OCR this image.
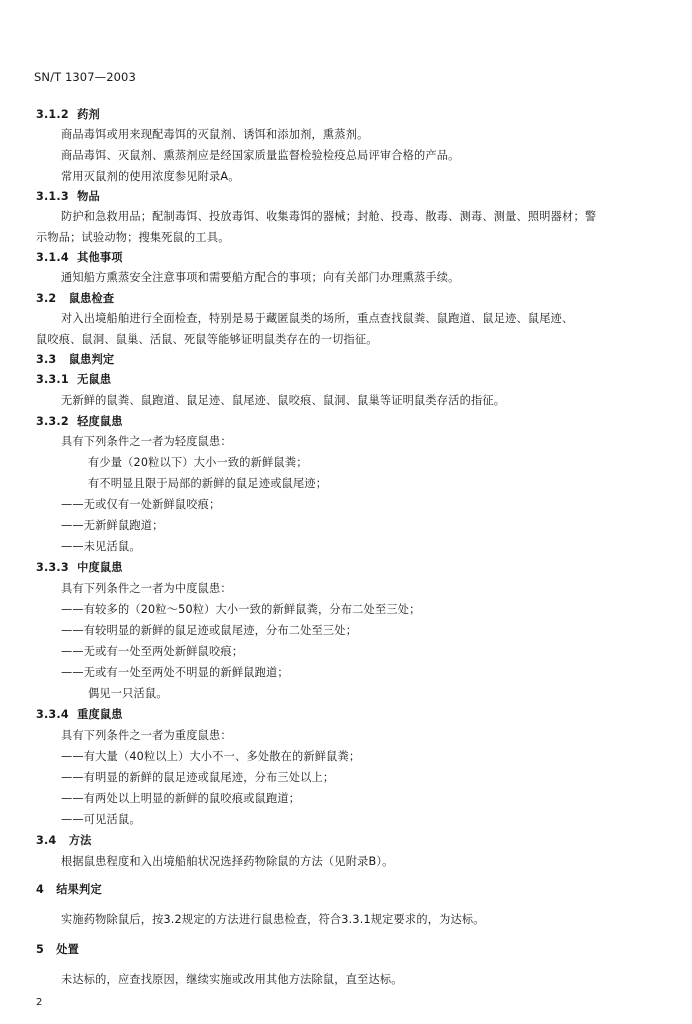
SN/T 1307—2003
3.1.2 药剂
商品毒饵或用来现配毒饵的灭鼠剂、诱饵和添加剂，熏蒸剂。
商品毒饵、灭鼠剂、熏蒸剂应是经国家质量监督检验检疫总局评审合格的产品。
常用灭鼠剂的使用浓度参见附录A。
3.1.3 物品
防护和急救用品；配制毒饵、投放毒饵、收集毒饵的器械；封舱、投毒、散毒、测毒、测量、照明器材；警
示物品；试验动物；搜集死鼠的工具。
3.1.4 其他事项
通知船方熏蒸安全注意事项和需要船方配合的事项；向有关部门办理熏蒸手续。
3.2 鼠患检查
对入出境船舶进行全面检查，特别是易于藏匿鼠类的场所，重点查找鼠粪、鼠跑道、鼠足迹、鼠尾迹、
鼠咬痕、鼠洞、鼠巢、活鼠、死鼠等能够证明鼠类存在的一切指征。
3.3 鼠患判定
3.3.1 无鼠患
无新鲜的鼠粪、鼠跑道、鼠足迹、鼠尾迹、鼠咬痕、鼠洞、鼠巢等证明鼠类存活的指征。
3.3.2 轻度鼠患
具有下列条件之一者为轻度鼠患：
有少量（20粒以下）大小一致的新鲜鼠粪；
有不明显且限于局部的新鲜的鼠足迹或鼠尾迹；
——无或仅有一处新鲜鼠咬痕；
——无新鲜鼠跑道；
——未见活鼠。
3.3.3 中度鼠患
具有下列条件之一者为中度鼠患：
——有较多的（20粒～50粒）大小一致的新鲜鼠粪，分布二处至三处；
——有较明显的新鲜的鼠足迹或鼠尾迹，分布二处至三处；
——无或有一处至两处新鲜鼠咬痕；
——无或有一处至两处不明显的新鲜鼠跑道；
偶见一只活鼠。
3.3.4 重度鼠患
具有下列条件之一者为重度鼠患：
——有大量（40粒以上）大小不一、多处散在的新鲜鼠粪；
——有明显的新鲜的鼠足迹或鼠尾迹，分布三处以上；
——有两处以上明显的新鲜的鼠咬痕或鼠跑道；
——可见活鼠。
3.4 方法
根据鼠患程度和入出境船舶状况选择药物除鼠的方法（见附录B）。
4 结果判定
实施药物除鼠后，按3.2规定的方法进行鼠患检查，符合3.3.1规定要求的，为达标。
5 处置
未达标的，应查找原因，继续实施或改用其他方法除鼠，直至达标。
2
